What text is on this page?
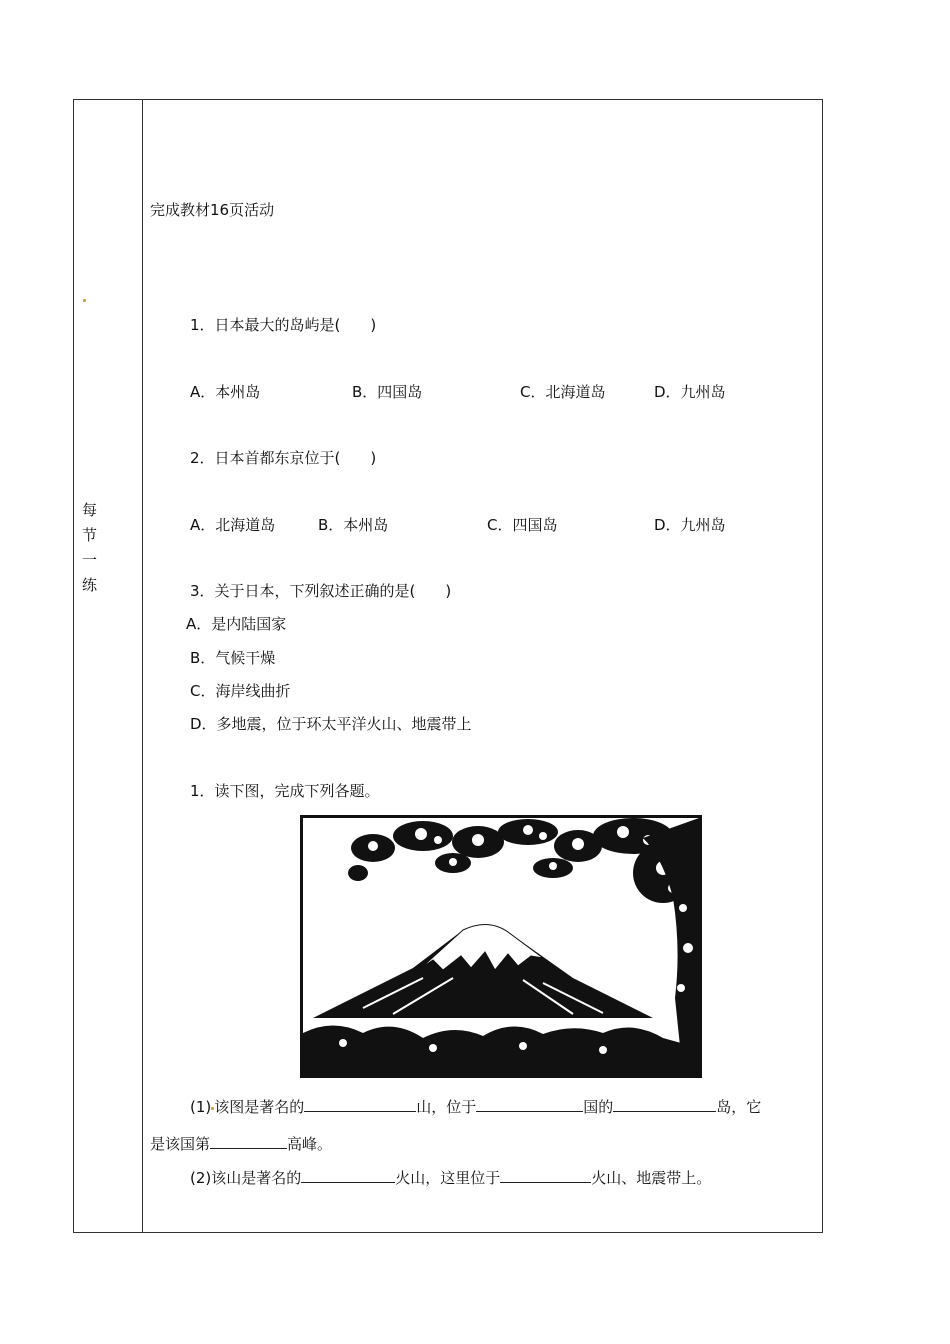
每
节
一
练
完成教材16页活动
1．日本最大的岛屿是(　　)
A．本州岛	B．四国岛	C．北海道岛	D．九州岛
2．日本首都东京位于(　　)
A．北海道岛	B．本州岛	C．四国岛	D．九州岛
3．关于日本，下列叙述正确的是(　　)
A．是内陆国家
B．气候干燥
C．海岸线曲折
D．多地震，位于环太平洋火山、地震带上
1．读下图，完成下列各题。
(1) 该图是著名的	山，位于	国的	岛，它
是该国第	高峰。
(2)该山是著名的	火山，这里位于	火山、地震带上。
